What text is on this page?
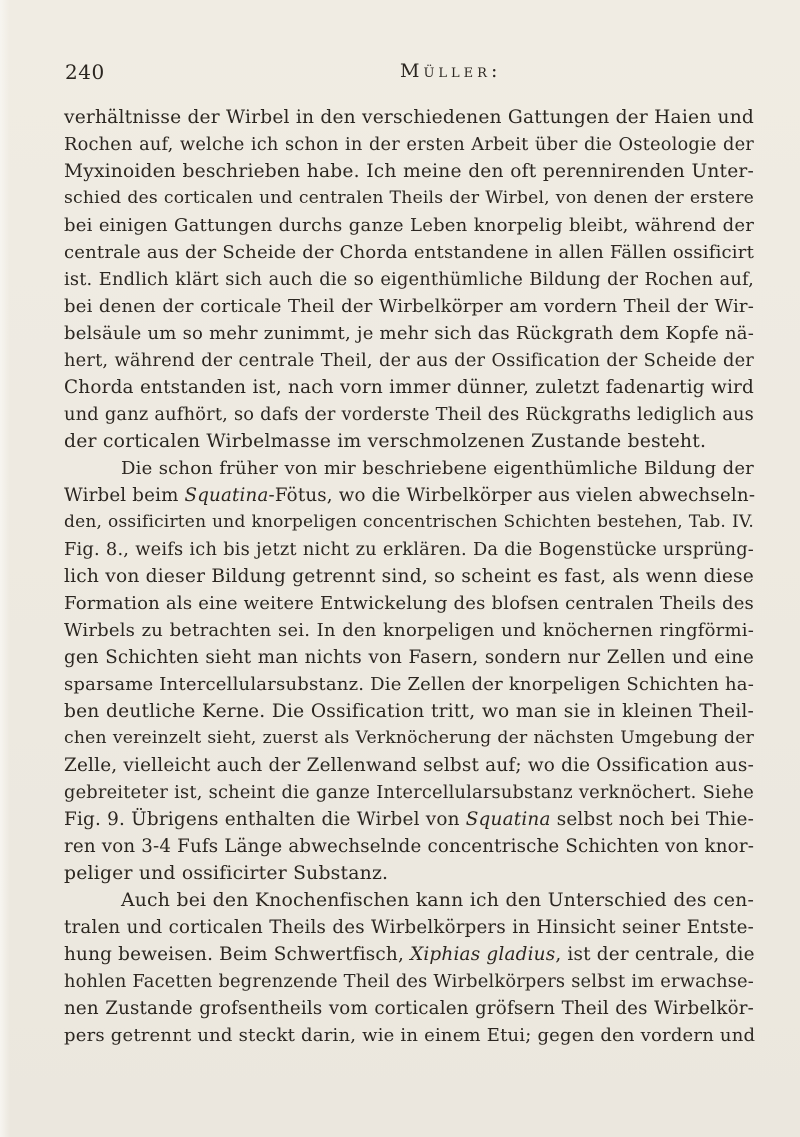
240	Müller:
verhältnisse der Wirbel in den verschiedenen Gattungen der Haien und
Rochen auf, welche ich schon in der ersten Arbeit über die Osteologie der
Myxinoiden beschrieben habe. Ich meine den oft perennirenden Unter-
schied des corticalen und centralen Theils der Wirbel, von denen der erstere
bei einigen Gattungen durchs ganze Leben knorpelig bleibt, während der
centrale aus der Scheide der Chorda entstandene in allen Fällen ossificirt
ist. Endlich klärt sich auch die so eigenthümliche Bildung der Rochen auf,
bei denen der corticale Theil der Wirbelkörper am vordern Theil der Wir-
belsäule um so mehr zunimmt, je mehr sich das Rückgrath dem Kopfe nä-
hert, während der centrale Theil, der aus der Ossification der Scheide der
Chorda entstanden ist, nach vorn immer dünner, zuletzt fadenartig wird
und ganz aufhört, so dafs der vorderste Theil des Rückgraths lediglich aus
der corticalen Wirbelmasse im verschmolzenen Zustande besteht.
Die schon früher von mir beschriebene eigenthümliche Bildung der
Wirbel beim Squatina-Fötus, wo die Wirbelkörper aus vielen abwechseln-
den, ossificirten und knorpeligen concentrischen Schichten bestehen, Tab. IV.
Fig. 8., weifs ich bis jetzt nicht zu erklären. Da die Bogenstücke ursprüng-
lich von dieser Bildung getrennt sind, so scheint es fast, als wenn diese
Formation als eine weitere Entwickelung des blofsen centralen Theils des
Wirbels zu betrachten sei. In den knorpeligen und knöchernen ringförmi-
gen Schichten sieht man nichts von Fasern, sondern nur Zellen und eine
sparsame Intercellularsubstanz. Die Zellen der knorpeligen Schichten ha-
ben deutliche Kerne. Die Ossification tritt, wo man sie in kleinen Theil-
chen vereinzelt sieht, zuerst als Verknöcherung der nächsten Umgebung der
Zelle, vielleicht auch der Zellenwand selbst auf; wo die Ossification aus-
gebreiteter ist, scheint die ganze Intercellularsubstanz verknöchert. Siehe
Fig. 9. Übrigens enthalten die Wirbel von Squatina selbst noch bei Thie-
ren von 3-4 Fufs Länge abwechselnde concentrische Schichten von knor-
peliger und ossificirter Substanz.
Auch bei den Knochenfischen kann ich den Unterschied des cen-
tralen und corticalen Theils des Wirbelkörpers in Hinsicht seiner Entste-
hung beweisen. Beim Schwertfisch, Xiphias gladius, ist der centrale, die
hohlen Facetten begrenzende Theil des Wirbelkörpers selbst im erwachse-
nen Zustande grofsentheils vom corticalen gröfsern Theil des Wirbelkör-
pers getrennt und steckt darin, wie in einem Etui; gegen den vordern und
